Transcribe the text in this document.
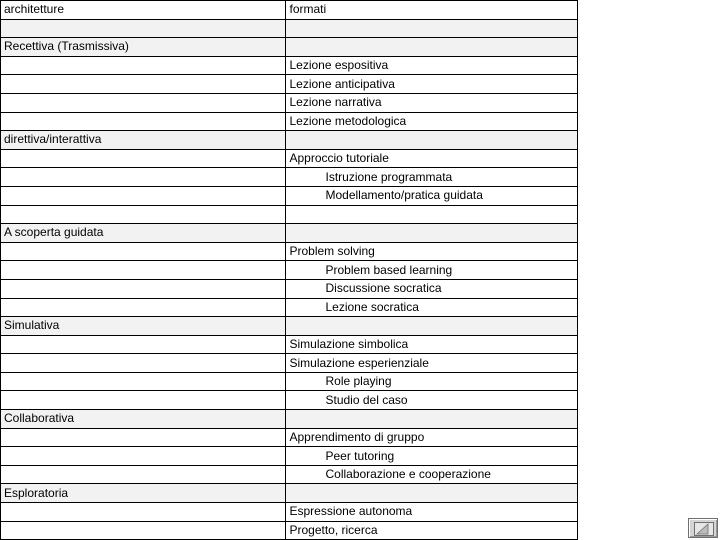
architetture	formati

Recettiva (Trasmissiva)	
	Lezione espositiva
	Lezione anticipativa
	Lezione narrativa
	Lezione metodologica
direttiva/interattiva	
	Approccio tutoriale
	Istruzione programmata
	Modellamento/pratica guidata

A scoperta guidata	
	Problem solving
	Problem based learning
	Discussione socratica
	Lezione socratica
Simulativa	
	Simulazione simbolica
	Simulazione esperienziale
	Role playing
	Studio del caso
Collaborativa	
	Apprendimento di gruppo
	Peer tutoring
	Collaborazione e cooperazione
Esploratoria	
	Espressione autonoma
	Progetto, ricerca
